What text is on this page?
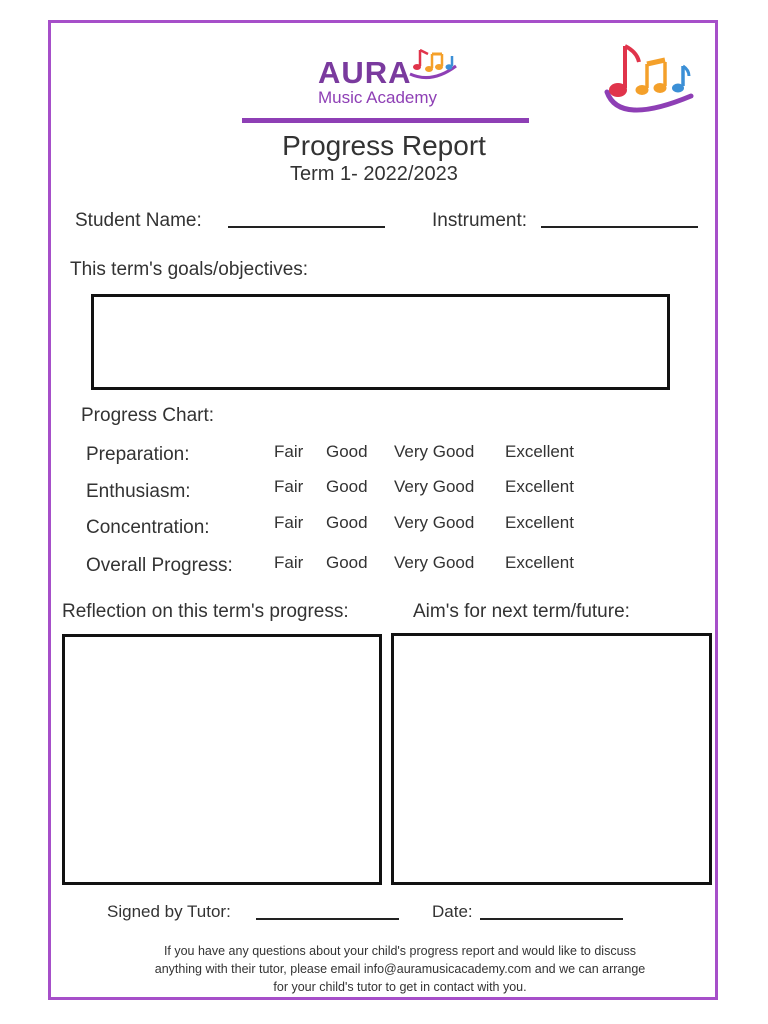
AURA
Music Academy
Progress Report
Term 1- 2022/2023
Student Name:	Instrument:
This term's goals/objectives:
Progress Chart:
Preparation:	Fair Good Very Good Excellent
Enthusiasm:	Fair Good Very Good Excellent
Concentration:	Fair Good Very Good Excellent
Overall Progress: Fair Good Very Good Excellent
Reflection on this term's progress:	Aim's for next term/future:
Signed by Tutor:	Date:
If you have any questions about your child's progress report and would like to discuss
anything with their tutor, please email info@auramusicacademy.com and we can arrange
for your child's tutor to get in contact with you.
